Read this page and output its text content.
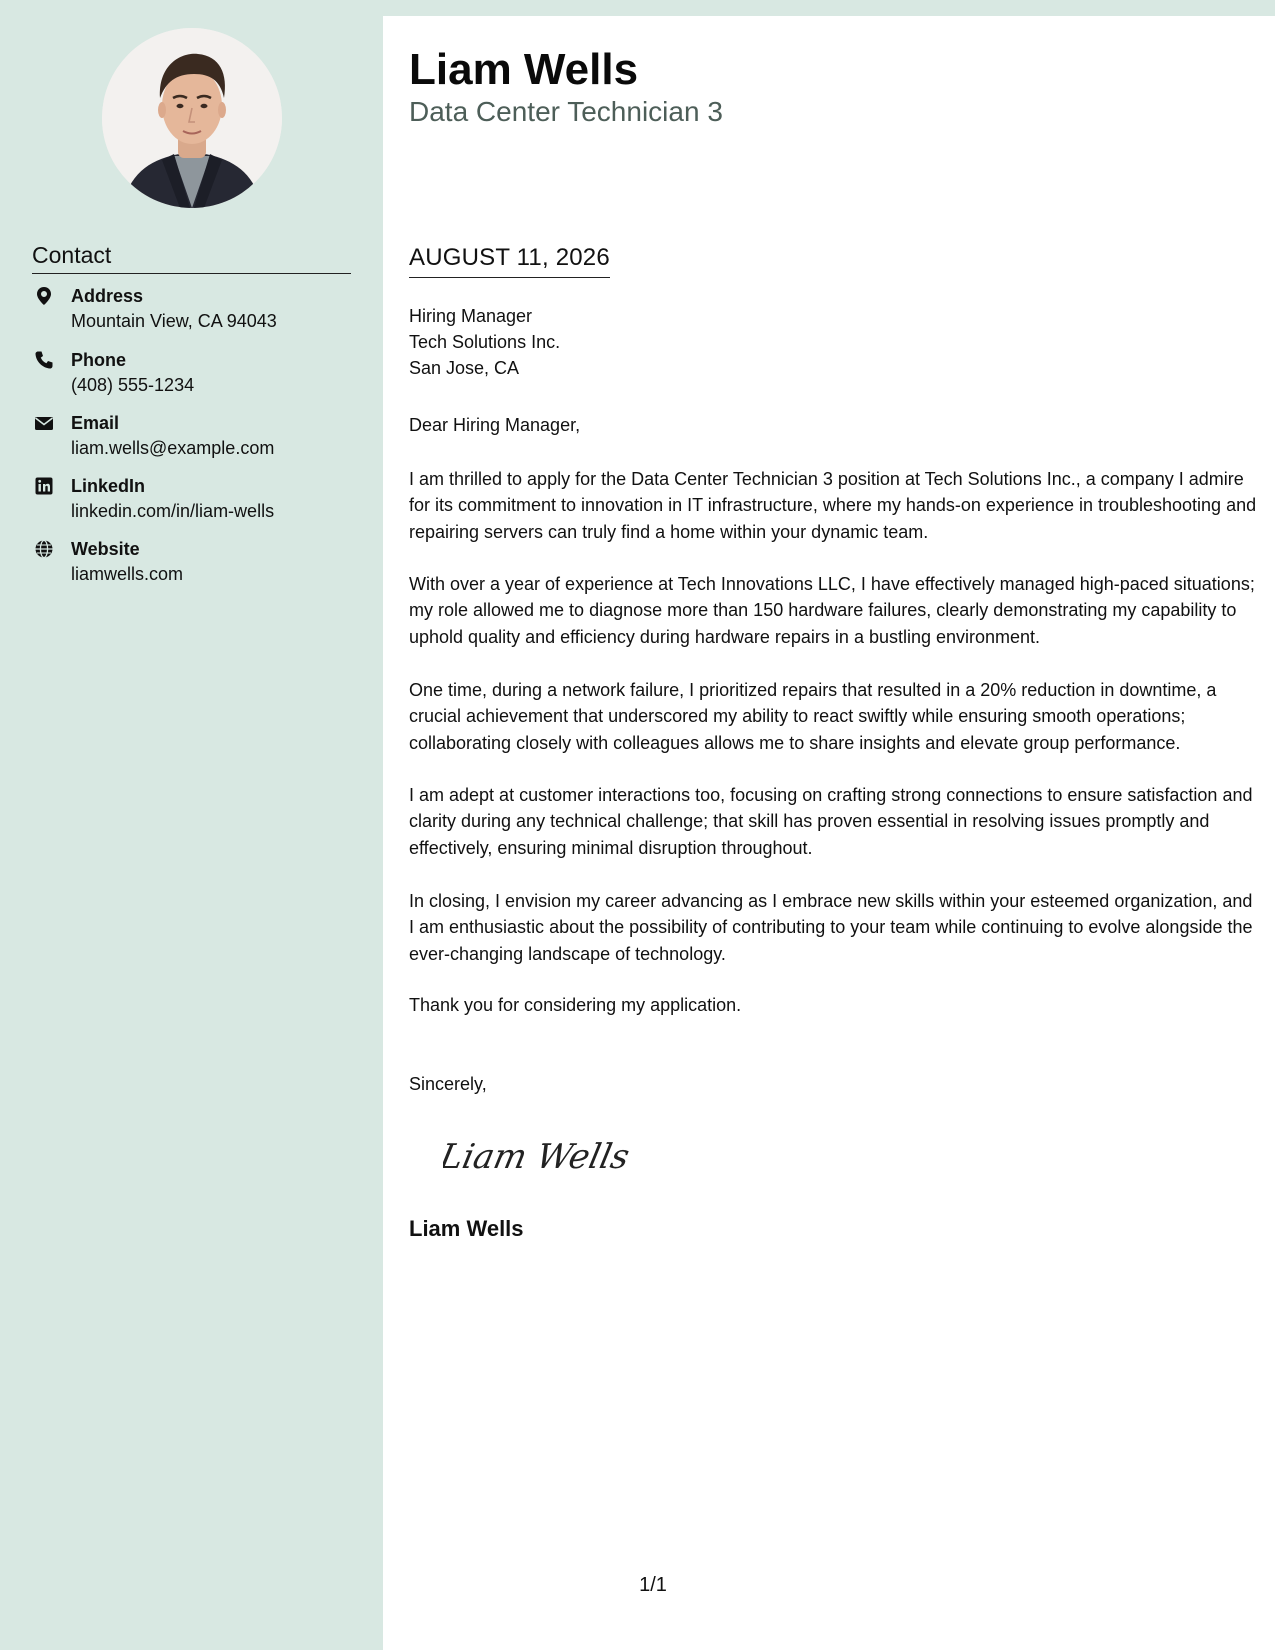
Contact
Address
Mountain View, CA 94043
Phone
(408) 555-1234
Email
liam.wells@example.com
LinkedIn
linkedin.com/in/liam-wells
Website
liamwells.com
Liam Wells
Data Center Technician 3
AUGUST 11, 2026
Hiring Manager
Tech Solutions Inc.
San Jose, CA
Dear Hiring Manager,
I am thrilled to apply for the Data Center Technician 3 position at Tech Solutions Inc., a company I admire for its commitment to innovation in IT infrastructure, where my hands-on experience in troubleshooting and repairing servers can truly find a home within your dynamic team.
With over a year of experience at Tech Innovations LLC, I have effectively managed high-paced situations; my role allowed me to diagnose more than 150 hardware failures, clearly demonstrating my capability to uphold quality and efficiency during hardware repairs in a bustling environment.
One time, during a network failure, I prioritized repairs that resulted in a 20% reduction in downtime, a crucial achievement that underscored my ability to react swiftly while ensuring smooth operations; collaborating closely with colleagues allows me to share insights and elevate group performance.
I am adept at customer interactions too, focusing on crafting strong connections to ensure satisfaction and clarity during any technical challenge; that skill has proven essential in resolving issues promptly and effectively, ensuring minimal disruption throughout.
In closing, I envision my career advancing as I embrace new skills within your esteemed organization, and I am enthusiastic about the possibility of contributing to your team while continuing to evolve alongside the ever-changing landscape of technology.
Thank you for considering my application.
Sincerely,
Liam Wells
Liam Wells
1/1
